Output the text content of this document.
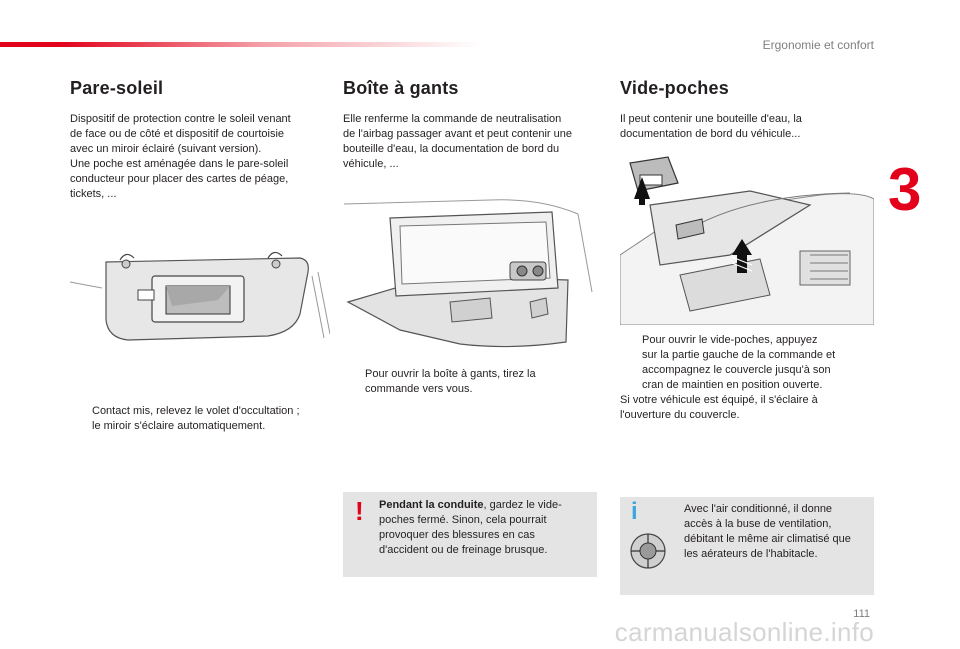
Ergonomie et confort
3
Pare-soleil
Dispositif de protection contre le soleil venant
de face ou de côté et dispositif de courtoisie
avec un miroir éclairé (suivant version).
Une poche est aménagée dans le pare-soleil
conducteur pour placer des cartes de péage,
tickets, ...
Contact mis, relevez le volet d'occultation ;
le miroir s'éclaire automatiquement.
Boîte à gants
Elle renferme la commande de neutralisation
de l'airbag passager avant et peut contenir une
bouteille d'eau, la documentation de bord du
véhicule, ...
Pour ouvrir la boîte à gants, tirez la
commande vers vous.
! Pendant la conduite, gardez le vide-
poches fermé. Sinon, cela pourrait
provoquer des blessures en cas
d'accident ou de freinage brusque.
Vide-poches
Il peut contenir une bouteille d'eau, la
documentation de bord du véhicule...
Pour ouvrir le vide-poches, appuyez
sur la partie gauche de la commande et
accompagnez le couvercle jusqu'à son
cran de maintien en position ouverte.
Si votre véhicule est équipé, il s'éclaire à
l'ouverture du couvercle.
i	Avec l'air conditionné, il donne
accès à la buse de ventilation,
débitant le même air climatisé que
les aérateurs de l'habitacle.
111
carmanualsonline.info
